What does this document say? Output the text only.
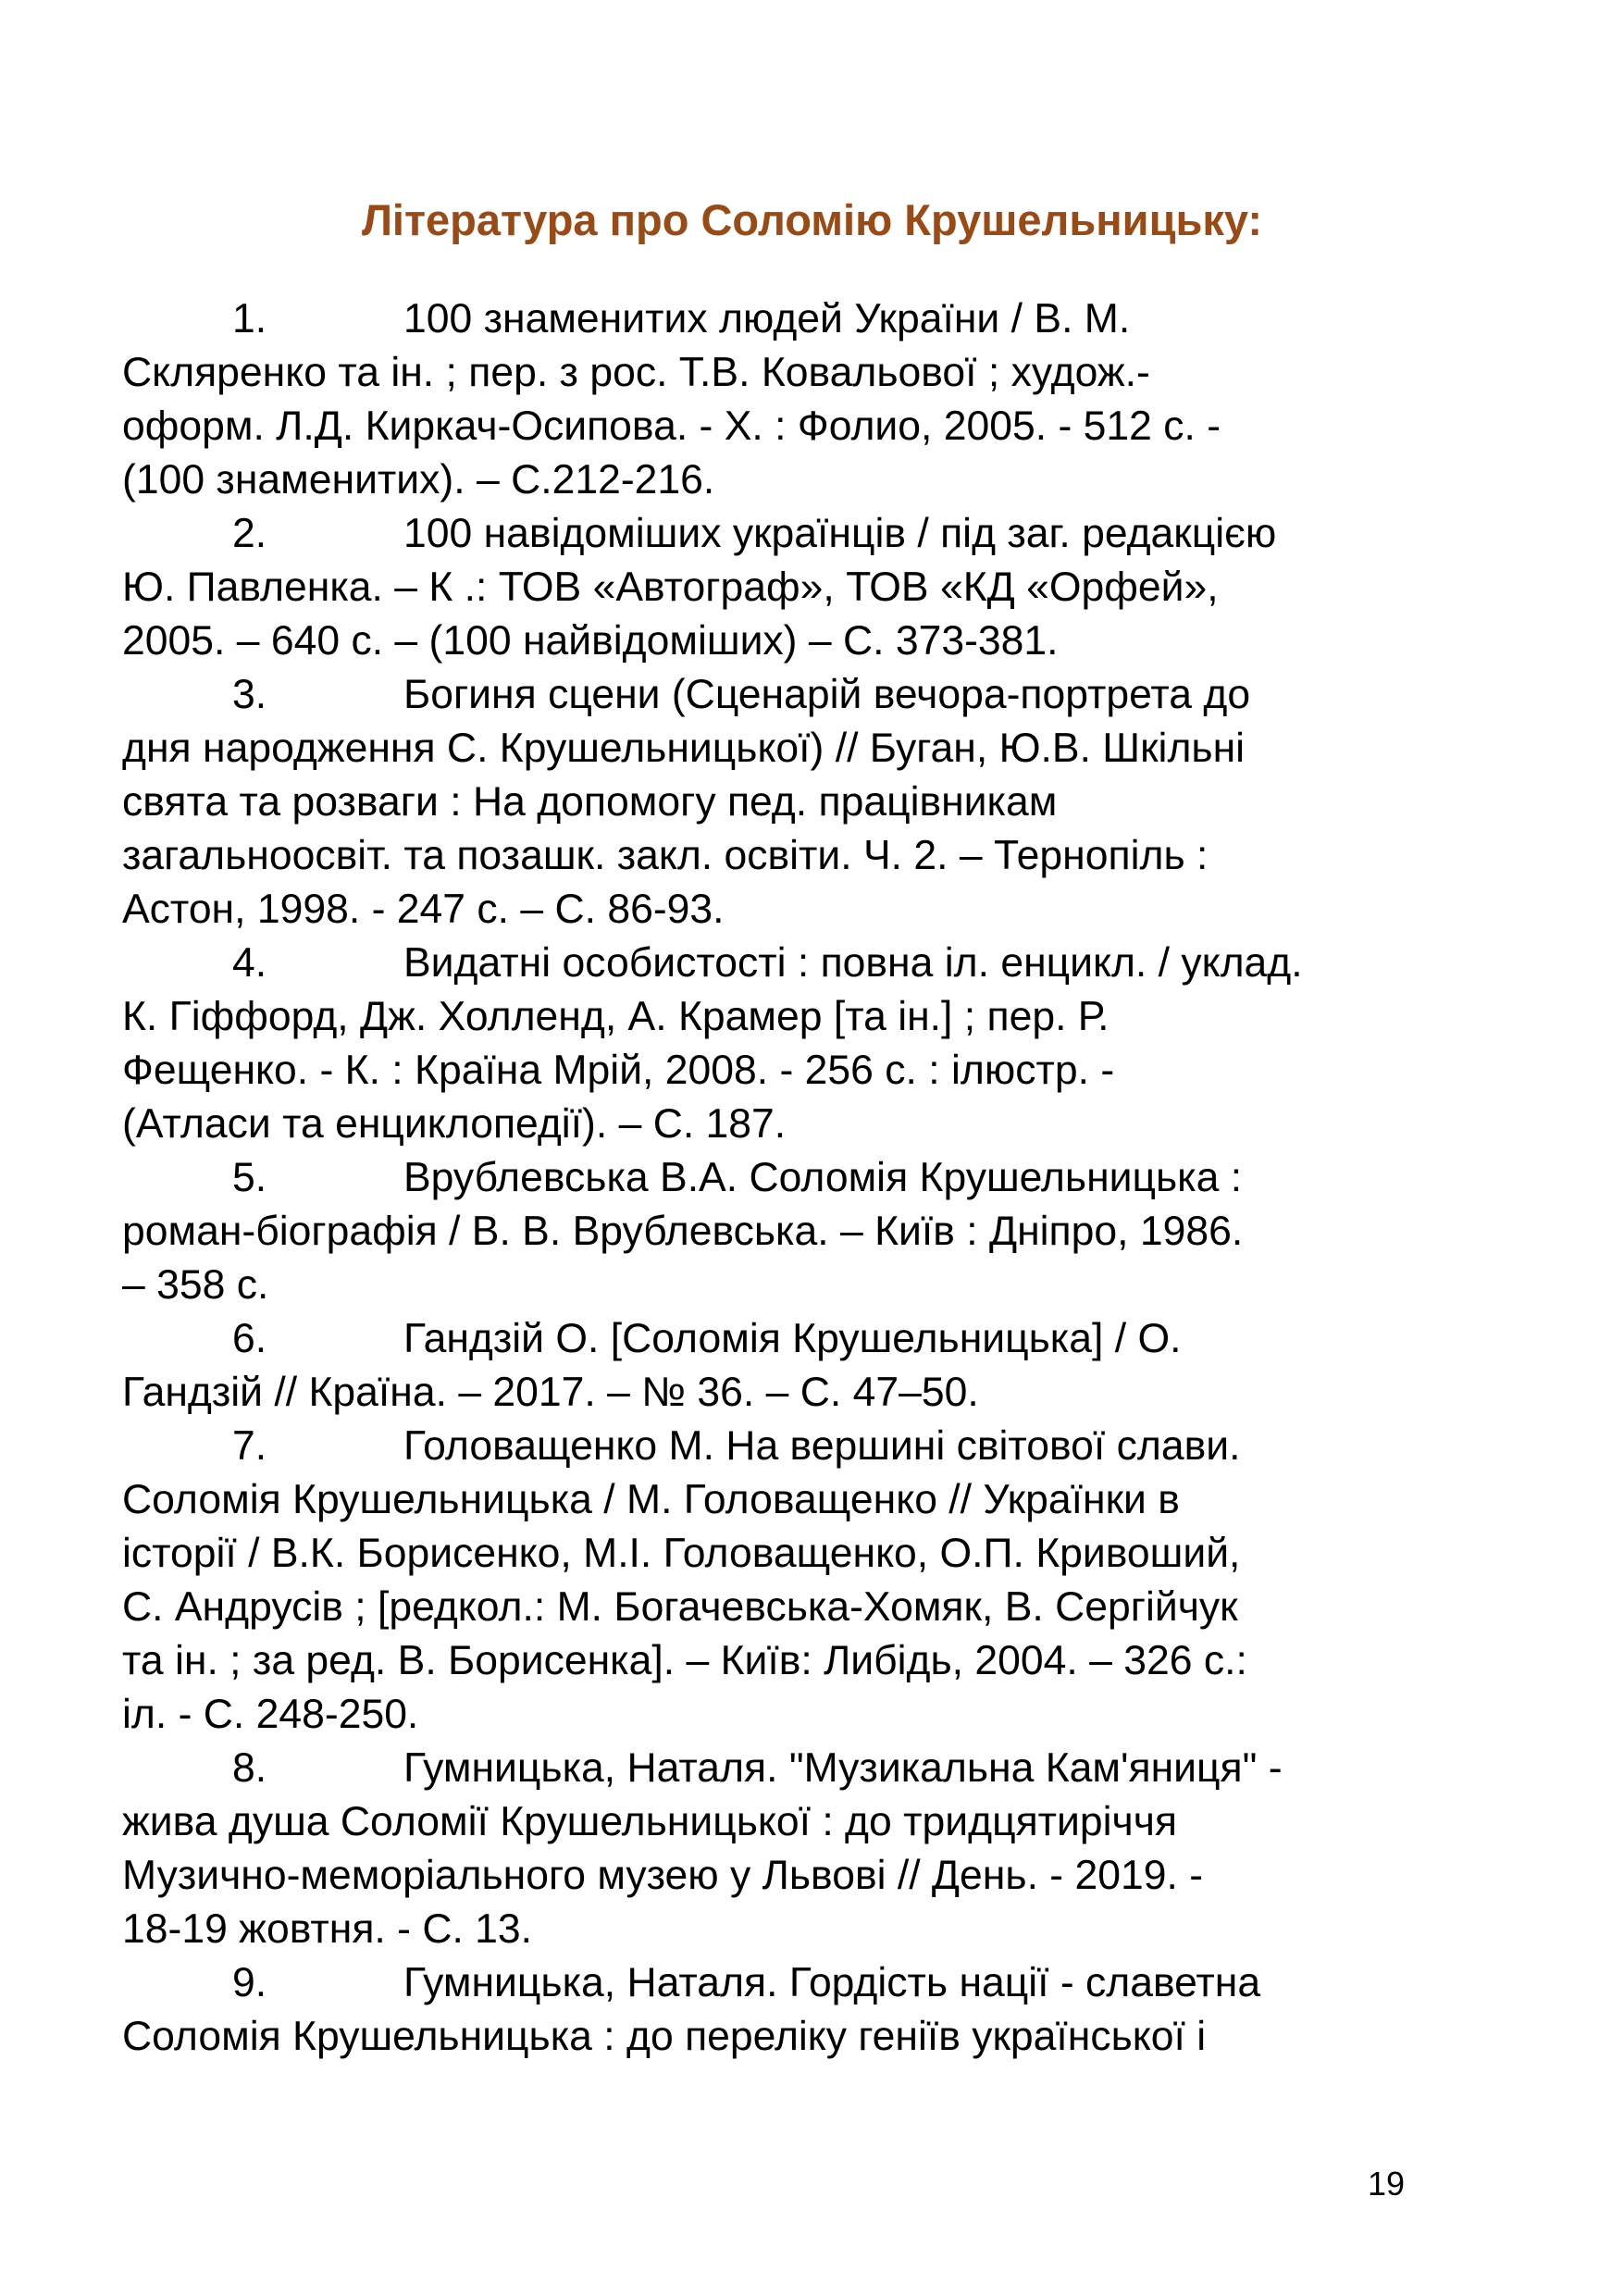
Література про Соломію Крушельницьку:
1.	100 знаменитих людей України / В. М.
Скляренко та ін. ; пер. з рос. Т.В. Ковальової ; худож.-
оформ. Л.Д. Киркач-Осипова. - Х. : Фолио, 2005. - 512 с. -
(100 знаменитих). – С.212-216.
2.	100 навідоміших українців / під заг. редакцією
Ю. Павленка. – К .: ТОВ «Автограф», ТОВ «КД «Орфей»,
2005. – 640 с. – (100 найвідоміших) – С. 373-381.
3.	Богиня сцени (Сценарій вечора-портрета до
дня народження С. Крушельницької) // Буган, Ю.В. Шкільні
свята та розваги : На допомогу пед. працівникам
загальноосвіт. та позашк. закл. освіти. Ч. 2. – Тернопіль :
Астон, 1998. - 247 с. – С. 86-93.
4.	Видатні особистості : повна іл. енцикл. / уклад.
К. Гіффорд, Дж. Холленд, А. Крамер [та ін.] ; пер. Р.
Фещенко. - К. : Країна Мрій, 2008. - 256 с. : ілюстр. -
(Атласи та енциклопедії). – С. 187.
5.	Врублевська В.А. Соломія Крушельницька :
роман-біографія / В. В. Врублевська. – Київ : Дніпро, 1986.
– 358 с.
6.	Гандзій О. [Соломія Крушельницька] / О.
Гандзій // Країна. – 2017. – № 36. – С. 47–50.
7.	Головащенко М. На вершині світової слави.
Соломія Крушельницька / М. Головащенко // Українки в
історії / В.К. Борисенко, М.І. Головащенко, О.П. Кривоший,
С. Андрусів ; [редкол.: М. Богачевська-Хомяк, В. Сергійчук
та ін. ; за ред. В. Борисенка]. – Київ: Либідь, 2004. – 326 с.:
іл. - С. 248-250.
8.	Гумницька, Наталя. "Музикальна Кам'яниця" -
жива душа Соломії Крушельницької : до тридцятиріччя
Музично-меморіального музею у Львові // День. - 2019. -
18-19 жовтня. - С. 13.
9.	Гумницька, Наталя. Гордість нації - славетна
Соломія Крушельницька : до переліку геніїв української і
19
